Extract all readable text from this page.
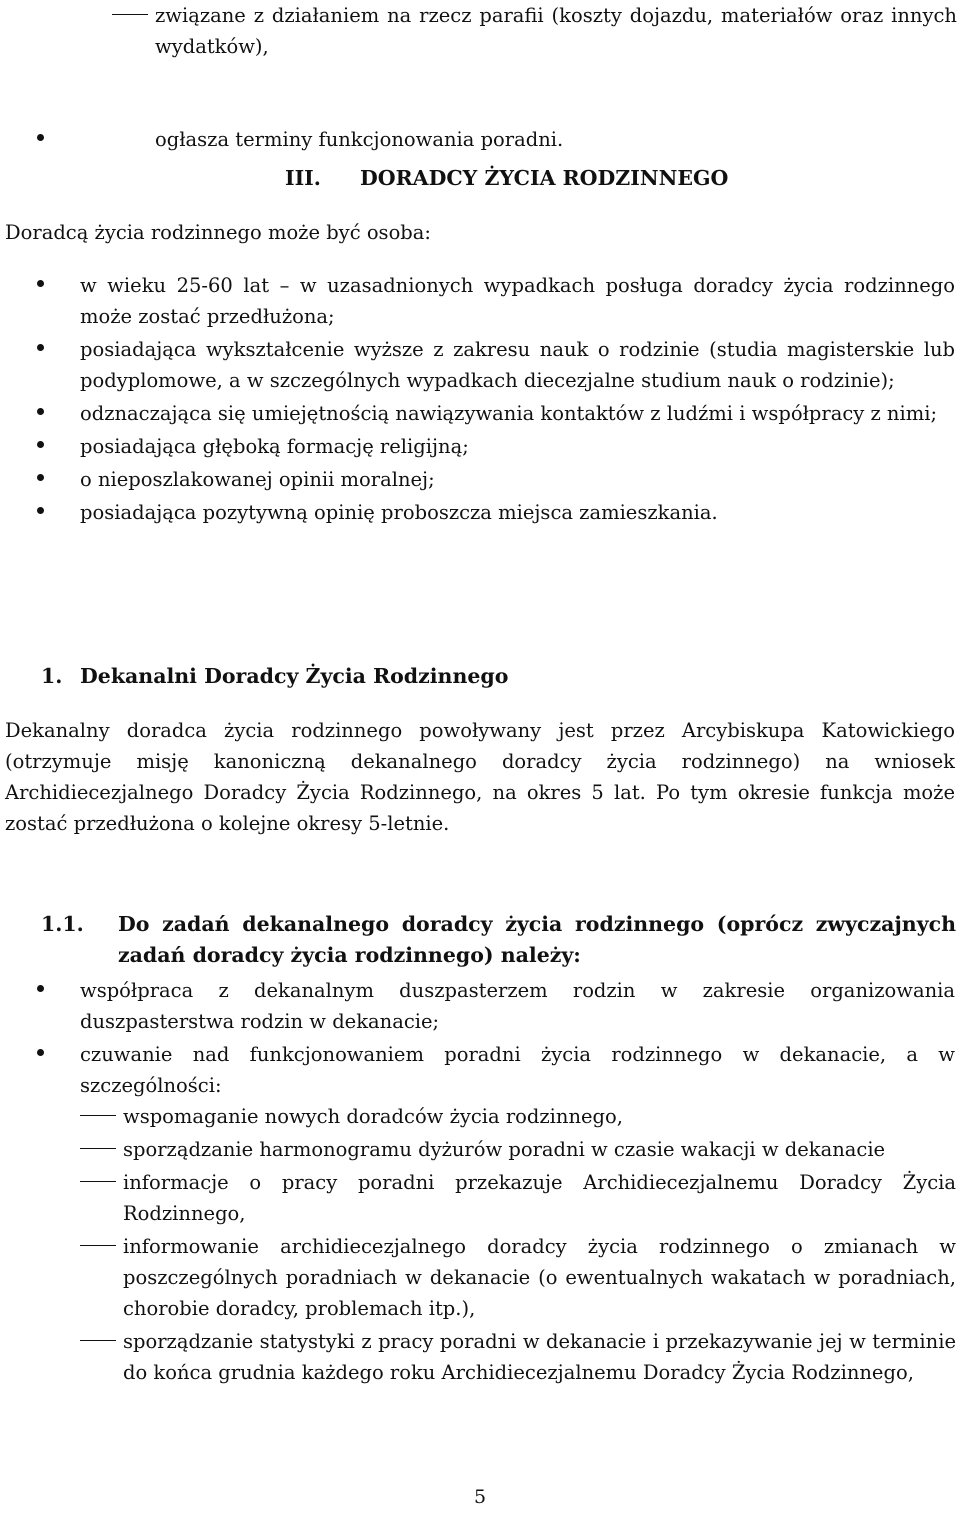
związane z działaniem na rzecz parafii (koszty dojazdu, materiałów oraz innych wydatków),
ogłasza terminy funkcjonowania poradni.
III. DORADCY ŻYCIA RODZINNEGO
Doradcą życia rodzinnego może być osoba:
w wieku 25-60 lat – w uzasadnionych wypadkach posługa doradcy życia rodzinnego może zostać przedłużona;
posiadająca wykształcenie wyższe z zakresu nauk o rodzinie (studia magisterskie lub podyplomowe, a w szczególnych wypadkach diecezjalne studium nauk o rodzinie);
odznaczająca się umiejętnością nawiązywania kontaktów z ludźmi i współpracy z nimi;
posiadająca głęboką formację religijną;
o nieposzlakowanej opinii moralnej;
posiadająca pozytywną opinię proboszcza miejsca zamieszkania.
1. Dekanalni Doradcy Życia Rodzinnego
Dekanalny doradca życia rodzinnego powoływany jest przez Arcybiskupa Katowickiego (otrzymuje misję kanoniczną dekanalnego doradcy życia rodzinnego) na wniosek Archidiecezjalnego Doradcy Życia Rodzinnego, na okres 5 lat. Po tym okresie funkcja może zostać przedłużona o kolejne okresy 5-letnie.
1.1. Do zadań dekanalnego doradcy życia rodzinnego (oprócz zwyczajnych zadań doradcy życia rodzinnego) należy:
współpraca z dekanalnym duszpasterzem rodzin w zakresie organizowania duszpasterstwa rodzin w dekanacie;
czuwanie nad funkcjonowaniem poradni życia rodzinnego w dekanacie, a w szczególności:
wspomaganie nowych doradców życia rodzinnego,
sporządzanie harmonogramu dyżurów poradni w czasie wakacji w dekanacie
informacje o pracy poradni przekazuje Archidiecezjalnemu Doradcy Życia Rodzinnego,
informowanie archidiecezjalnego doradcy życia rodzinnego o zmianach w poszczególnych poradniach w dekanacie (o ewentualnych wakatach w poradniach, chorobie doradcy, problemach itp.),
sporządzanie statystyki z pracy poradni w dekanacie i przekazywanie jej w terminie do końca grudnia każdego roku Archidiecezjalnemu Doradcy Życia Rodzinnego,
5
